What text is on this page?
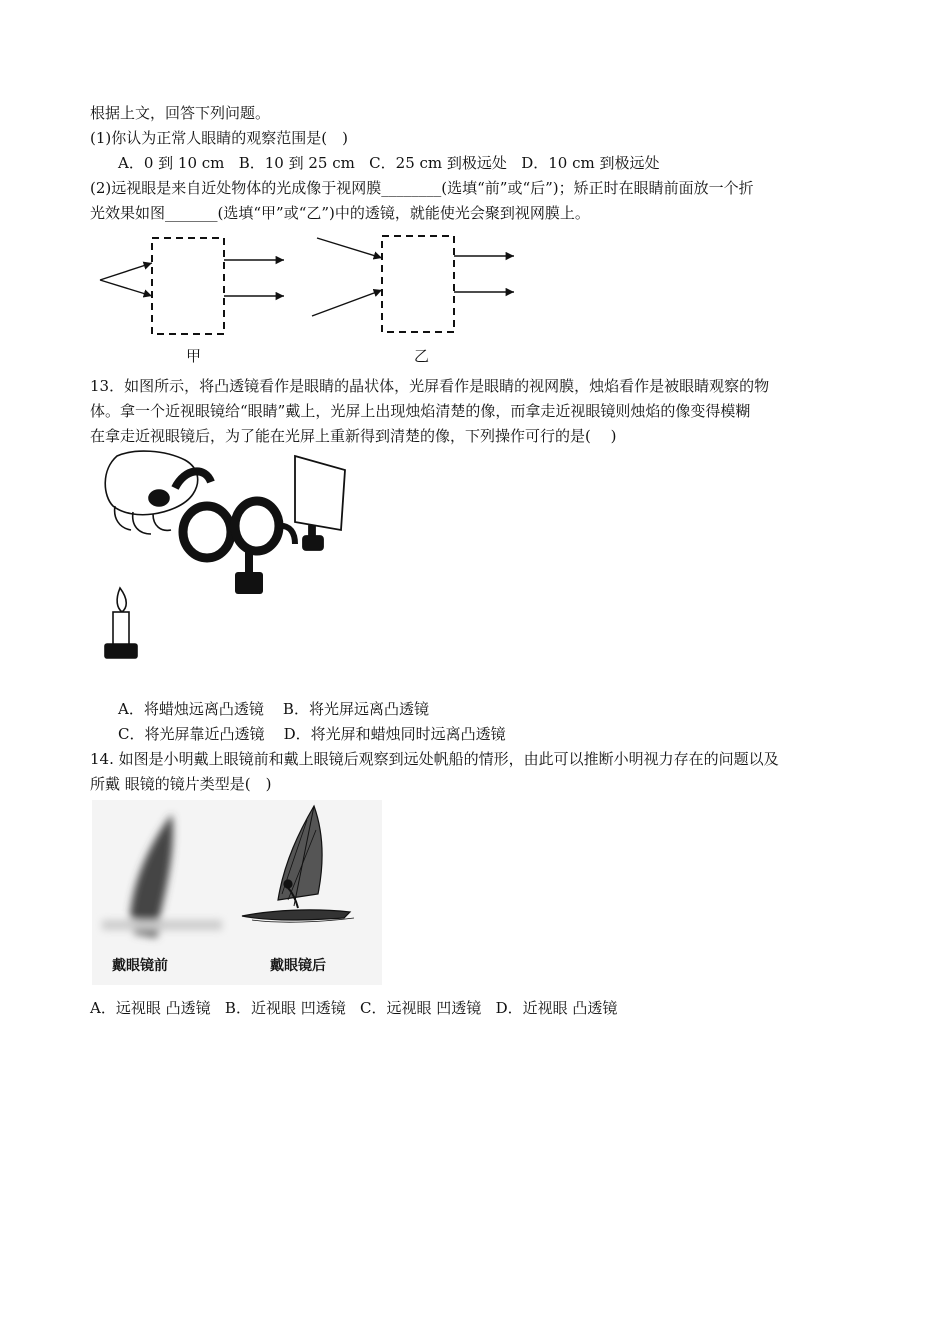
根据上文，回答下列问题。
(1)你认为正常人眼睛的观察范围是(　)
A．0 到 10 cm B．10 到 25 cm C．25 cm 到极远处 D．10 cm 到极远处
(2)远视眼是来自近处物体的光成像于视网膜________(选填“前”或“后”)；矫正时在眼睛前面放一个折
光效果如图_______(选填“甲”或“乙”)中的透镜，就能使光会聚到视网膜上。
甲	乙
13．如图所示，将凸透镜看作是眼睛的晶状体，光屏看作是眼睛的视网膜，烛焰看作是被眼睛观察的物
体。拿一个近视眼镜给“眼睛”戴上，光屏上出现烛焰清楚的像，而拿走近视眼镜则烛焰的像变得模糊
在拿走近视眼镜后，为了能在光屏上重新得到清楚的像，下列操作可行的是(　 )
A．将蜡烛远离凸透镜 B．将光屏远离凸透镜
C．将光屏靠近凸透镜 D．将光屏和蜡烛同时远离凸透镜
14. 如图是小明戴上眼镜前和戴上眼镜后观察到远处帆船的情形，由此可以推断小明视力存在的问题以及
所戴 眼镜的镜片类型是(　)
戴眼镜前	戴眼镜后
A．远视眼 凸透镜 B．近视眼 凹透镜 C．远视眼 凹透镜 D．近视眼 凸透镜
